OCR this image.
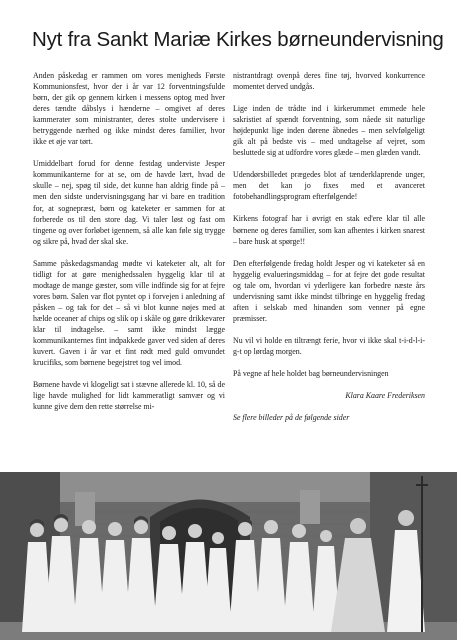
Nyt fra Sankt Mariæ Kirkes børneundervisning

Anden påskedag er rammen om vores menigheds Første Kommunionsfest, hvor der i år var 12 forventningsfulde børn, der gik op gennem kirken i messens optog med hver deres tændte dåbslys i hænderne – omgivet af deres kammerater som ministranter, deres stolte undervisere i betryggende nærhed og ikke mindst deres familier, hvor ikke et øje var tørt.

Umiddelbart forud for denne festdag underviste Jesper kommunikanterne for at se, om de havde lært, hvad de skulle – nej, spøg til side, det kunne han aldrig finde på – men den sidste undervisningsgang har vi bare en tradition for, at sognepræst, børn og kateketer er sammen for at forberede os til den store dag. Vi taler løst og fast om tingene og over forløbet igennem, så alle kan føle sig trygge og sikre på, hvad der skal ske.

Samme påskedagsmandag mødte vi kateketer alt, alt for tidligt for at gøre menighedssalen hyggelig klar til at modtage de mange gæster, som ville indfinde sig for at fejre vores børn. Salen var flot pyntet op i forvejen i anledning af påsken – og tak for det – så vi blot kunne nøjes med at hælde oceaner af chips og slik op i skåle og gøre drikkevarer klar til indtagelse. – samt ikke mindst lægge kommunikanternes fint indpakkede gaver ved siden af deres kuvert. Gaven i år var et fint rødt med guld omvundet krucifiks, som børnene begejstret tog vel imod.

Børnene havde vi klogeligt sat i stævne allerede kl. 10, så de lige havde mulighed for lidt kammeratligt samvær og vi kunne give dem den rette størrelse mi-

nistrantdragt ovenpå deres fine tøj, hvorved konkurrence momentet derved undgås.

Lige inden de trådte ind i kirkerummet emmede hele sakristiet af spændt forventning, som nåede sit naturlige højdepunkt lige inden dørene åbnedes – men selvfølgeligt gik alt på bedste vis – med undtagelse af vejret, som besluttede sig at udfordre vores glæde – men glæden vandt.

Udendørsbilledet prægedes blot af tænderklaprende unger, men det kan jo fixes med et avanceret fotobehandlingsprogram efterfølgende!

Kirkens fotograf har i øvrigt en stak ed'ere klar til alle børnene og deres familier, som kan afhentes i kirken snarest – bare husk at spørge!!

Den efterfølgende fredag holdt Jesper og vi kateketer så en hyggelig evalueringsmiddag – for at fejre det gode resultat og tale om, hvordan vi yderligere kan forbedre næste års undervisning samt ikke mindst tilbringe en hyggelig fredag aften i selskab med hinanden som venner på egne præmisser.

Nu vil vi holde en tiltrængt ferie, hvor vi ikke skal t-i-d-l-i-g-t op lørdag morgen.

På vegne af hele holdet bag børneundervisningen

Klara Kaare Frederiksen

Se flere billeder på de følgende sider
